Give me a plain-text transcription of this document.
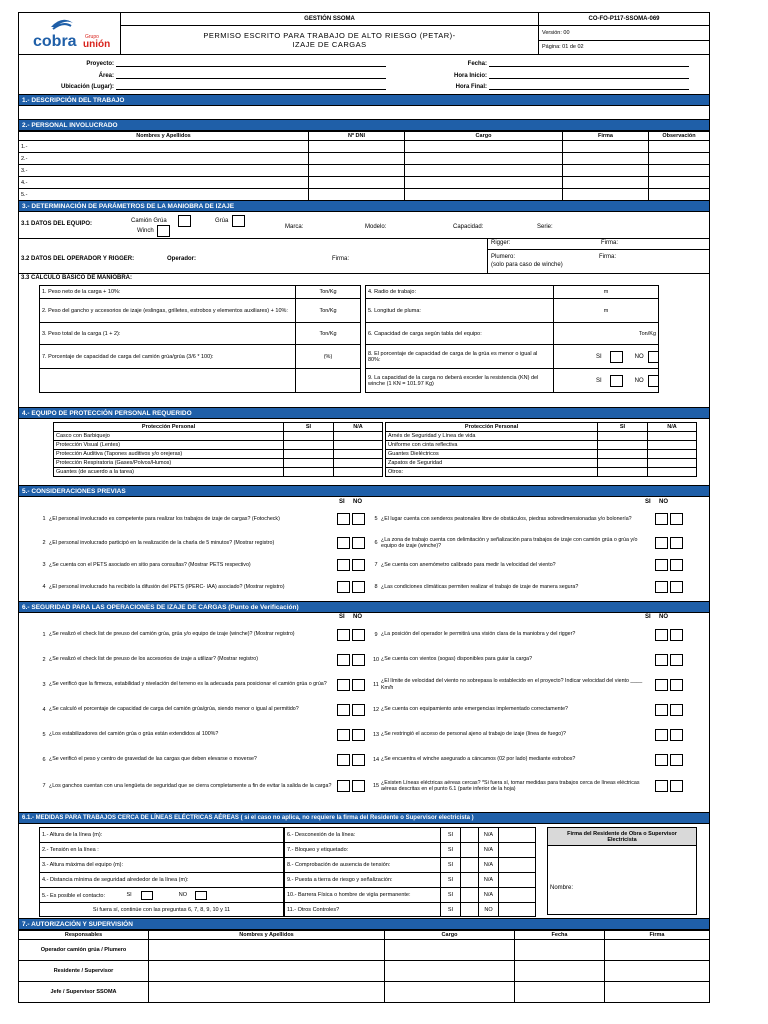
cobra Grupo
unión
GESTIÓN SSOMA
PERMISO ESCRITO PARA TRABAJO DE ALTO RIESGO (PETAR)-
IZAJE DE CARGAS
CO-FO-P117-SSOMA-069
Versión: 00
Página: 01 de 02
Proyecto:
Área:
Ubicación (Lugar):
Fecha:
Hora Inicio:
Hora Final:
1.- DESCRIPCIÓN DEL TRABAJO
2.- PERSONAL INVOLUCRADO
Nombres y Apellidos	Nº DNI	Cargo	Firma	Observación
1.-				
2.-				
3.-				
4.-				
5.-				
3.- DETERMINACIÓN DE PARÁMETROS DE LA MANIOBRA DE IZAJE
3.1 DATOS DEL EQUIPO:	Camión Grúa	Grúa
Winch
Marca:	Modelo:	Capacidad:	Serie:
3.2 DATOS DEL OPERADOR Y RIGGER:	Operador:	Firma:
Rigger:	Firma:
Plumero:
(solo para caso de winche)
Firma:
3.3 CÁLCULO BÁSICO DE MANIOBRA:
1. Peso neto de la carga + 10%:	Ton/Kg
2. Peso del gancho y accesorios de izaje (eslingas, grilletes, estrobos y elementos auxiliares) + 10%:	Ton/Kg
3. Peso total de la carga (1 + 2):	Ton/Kg
7. Porcentaje de capacidad de carga del camión grúa/grúa (3/6 * 100):	(%)

4. Radio de trabajo:	m
5. Longitud de pluma:	m
6. Capacidad de carga según tabla del equipo:	Ton/Kg
8. El porcentaje de capacidad de carga de la grúa es menor o igual al 80%:	SI NO
9. La capacidad de la carga no deberá exceder la resistencia (KN) del winche (1 KN = 101.97 Kg)	SI NO
4.- EQUIPO DE PROTECCIÓN PERSONAL REQUERIDO
Protección Personal	SI	N/A
Casco con Barbiquejo		
Protección Visual (Lentes)		
Protección Auditiva (Tapones auditivos y/o orejeras)		
Protección Respiratoria (Gases/Polvos/Humos)		
Guantes (de acuerdo a la tarea)		
Protección Personal	SI	N/A
Arnés de Seguridad y Línea de vida		
Uniforme con cinta reflectiva		
Guantes Dieléctricos		
Zapatos de Seguridad		
Otros:		
5.- CONSIDERACIONES PREVIAS
SI NO	SI NO
1 ¿El personal involucrado es competente para realizar los trabajos de izaje de cargas? (Fotocheck)
2 ¿El personal involucrado participó en la realización de la charla de 5 minutos? (Mostrar registro)
3 ¿Se cuenta con el PETS asociado en sitio para consultas? (Mostrar PETS respectivo)
4 ¿El personal involucrado ha recibido la difusión del PETS (IPERC- IAA) asociado? (Mostrar registro)
5 ¿El lugar cuenta con senderos peatonales libre de obstáculos, piedras sobredimensionadas y/o bolonería?
6
¿La zona de trabajo cuenta con delimitación y señalización para trabajos de izaje con camión grúa o grúa y/o equipo de izaje (winche)?
7 ¿Se cuenta con anemómetro calibrado para medir la velocidad del viento?
8 ¿Las condiciones climáticas permiten realizar el trabajo de izaje de manera segura?
6.- SEGURIDAD PARA LAS OPERACIONES DE IZAJE DE CARGAS (Punto de Verificación)
SI NO	SI NO
1 ¿Se realizó el check list de preuso del camión grúa, grúa y/o equipo de izaje (winche)? (Mostrar registro)
2 ¿Se realizó el check list de preuso de los accesorios de izaje a utilizar? (Mostrar registro)
3 ¿Se verificó que la firmeza, estabilidad y nivelación del terreno es la adecuada para posicionar el camión grúa o grúa?
4 ¿Se calculó el porcentaje de capacidad de carga del camión grúa/grúa, siendo menor o igual al permitido?
5 ¿Los estabilizadores del camión grúa o grúa están extendidos al 100%?
6 ¿Se verificó el peso y centro de gravedad de las cargas que deben elevarse o moverse?
7 ¿Los ganchos cuentan con una lengüeta de seguridad que se cierra completamente a fin de evitar la salida de la carga?
9 ¿La posición del operador le permitirá una visión clara de la maniobra y del rigger?
10 ¿Se cuenta con vientos (sogas) disponibles para guiar la carga?
11
¿El límite de velocidad del viento no sobrepasa lo establecido en el proyecto? Indicar velocidad del viento ____ Km/h
12 ¿Se cuenta con equipamiento ante emergencias implementado correctamente?
13 ¿Se restringió el acceso de personal ajeno al trabajo de izaje (línea de fuego)?
14 ¿Se encuentra el winche asegurado a cáncamos (02 por lado) mediante estrobos?
15
¿Existen Líneas eléctricas aéreas cercas? *Si fuera sí, tomar medidas para trabajos cerca de líneas eléctricas aéreas descritas en el punto 6.1 (parte inferior de la hoja)
6.1.- MEDIDAS PARA TRABAJOS CERCA DE LÍNEAS ELÉCTRICAS AÉREAS ( si el caso no aplica, no requiere la firma del Residente o Supervisor electricista )
1.- Altura de la línea (m):
2.- Tensión en la línea :
3.- Altura máxima del equipo (m):
4.- Distancia mínima de seguridad alrededor de la línea (m):
5.- Es posible el contacto:	SI	NO
Si fuera sí, continúe con las preguntas 6, 7, 8, 9, 10 y 11
6.- Desconexión de la línea:	SI		N/A	
7.- Bloqueo y etiquetado:	SI		N/A	
8.- Comprobación de ausencia de tensión:	SI		N/A	
9.- Puesta a tierra de riesgo y señalización:	SI		N/A	
10.- Barrera Física o hombre de vigía permanente:	SI		N/A	
11.- Otros Controles?	SI		NO	
Firma del Residente de Obra o Supervisor Electricista
Nombre:
7.- AUTORIZACIÓN Y SUPERVISIÓN
Responsables	Nombres y Apellidos	Cargo	Fecha	Firma
Operador camión grúa / Plumero				
Residente / Supervisor				
Jefe / Supervisor SSOMA				
